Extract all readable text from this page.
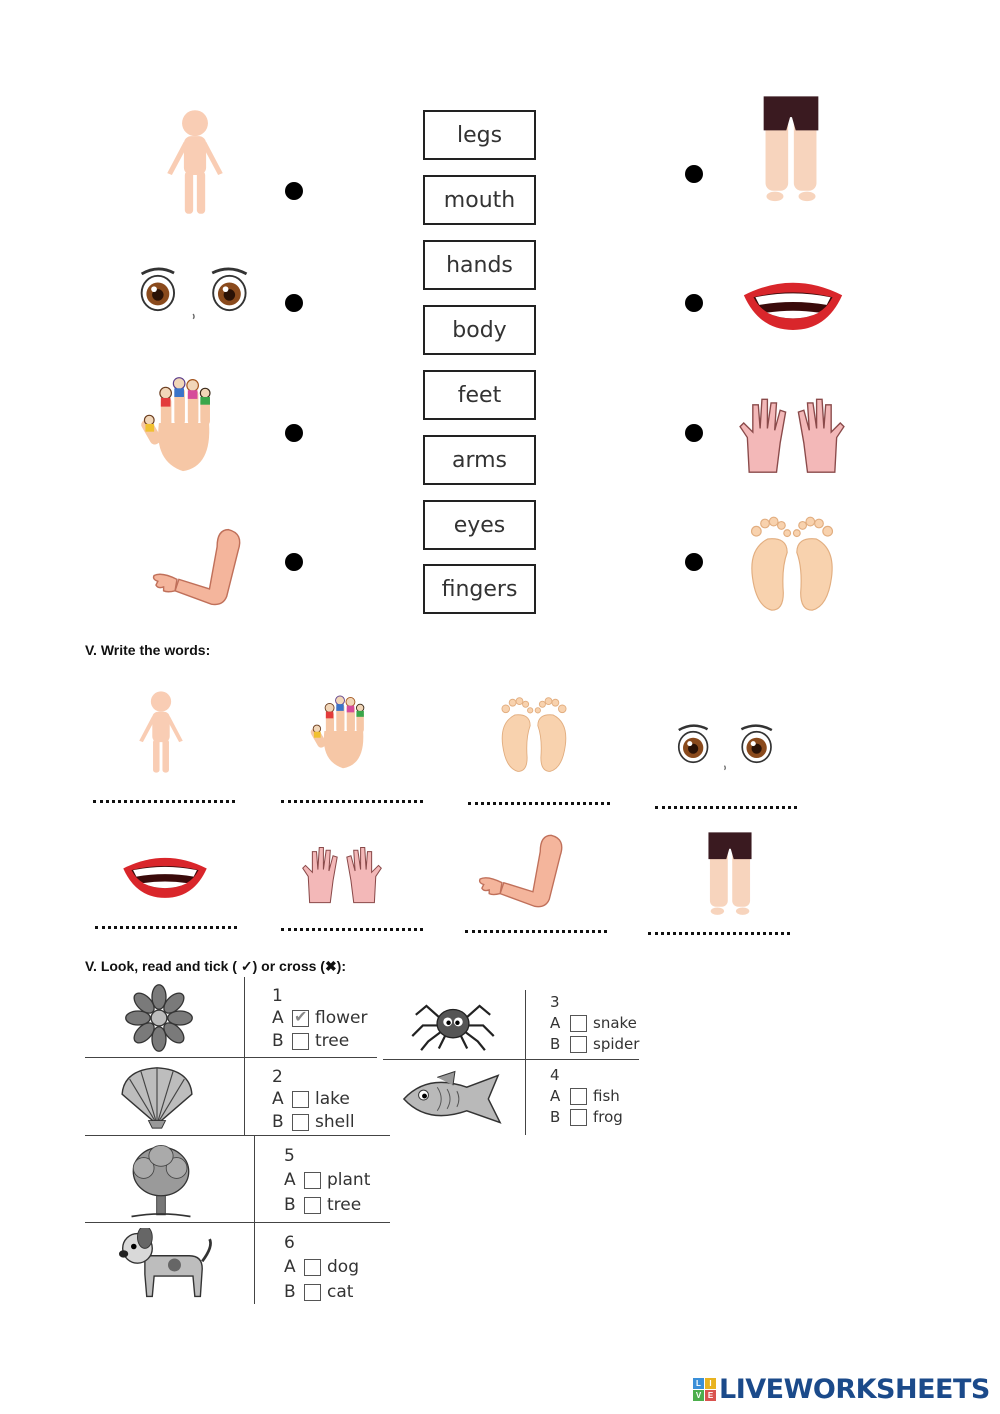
legs
mouth
hands
body
feet
arms
eyes
fingers
V. Write the words:
V. Look, read and tick ( ✓) or cross (✖):
1
A
✔	flower
B	tree
2
A	lake
B	shell
3
A	snake
B	spider
4
A	fish
B	frog
5
A	plant
B	tree
6
A	dog
B	cat
L	I
V E LIVEWORKSHEETS
